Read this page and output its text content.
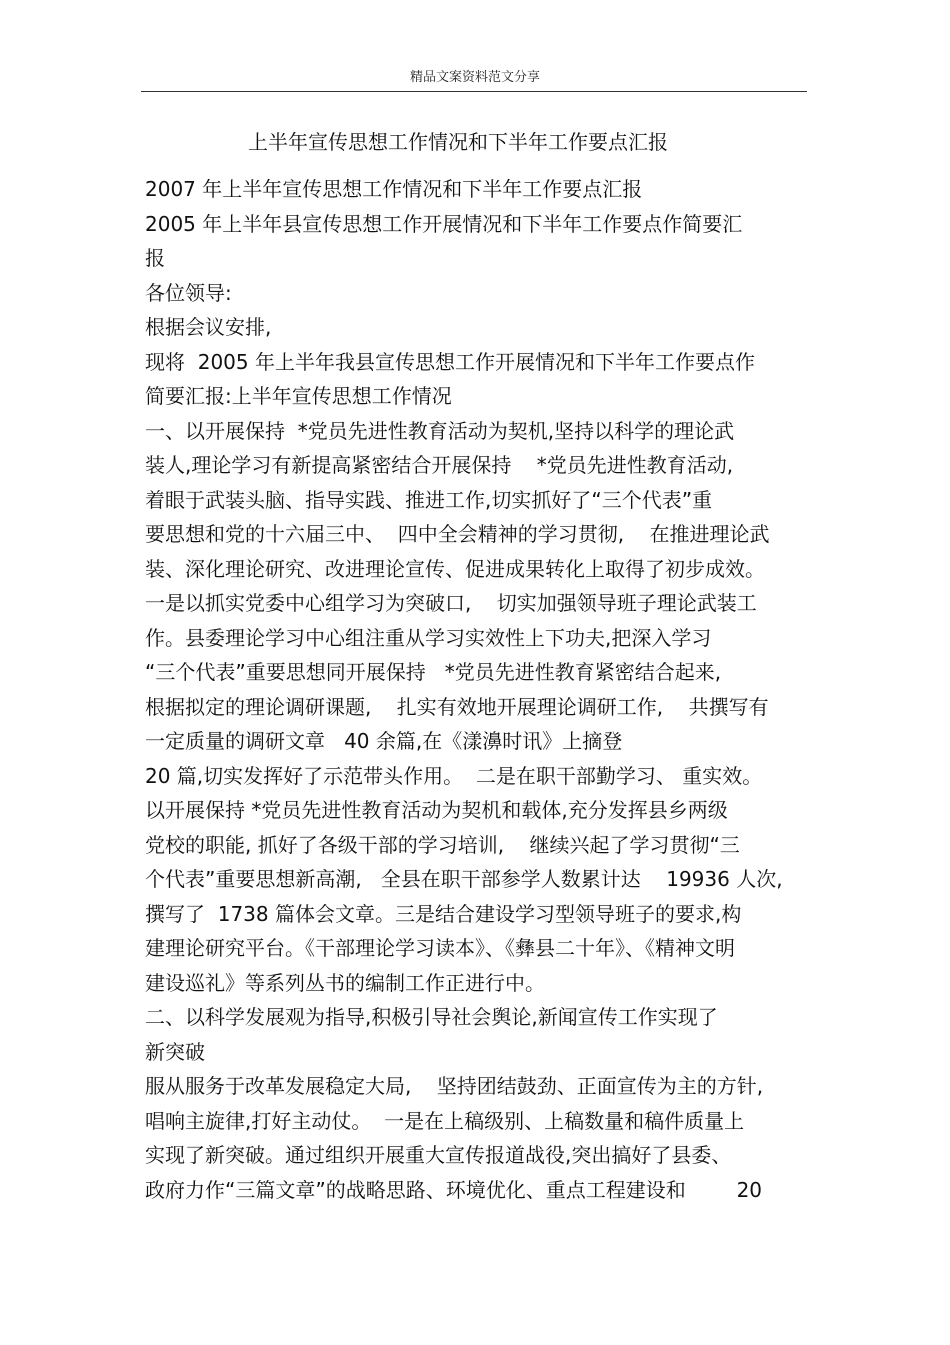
精品文案资料范文分享
上半年宣传思想工作情况和下半年工作要点汇报
2007 年上半年宣传思想工作情况和下半年工作要点汇报
2005 年上半年县宣传思想工作开展情况和下半年工作要点作简要汇
报
各位领导:
根据会议安排,
现将  2005 年上半年我县宣传思想工作开展情况和下半年工作要点作
简要汇报:上半年宣传思想工作情况
一、以开展保持  *党员先进性教育活动为契机,坚持以科学的理论武
装人,理论学习有新提高紧密结合开展保持    *党员先进性教育活动,
着眼于武装头脑、指导实践、推进工作,切实抓好了“三个代表”重
要思想和党的十六届三中、  四中全会精神的学习贯彻,    在推进理论武
装、深化理论研究、改进理论宣传、促进成果转化上取得了初步成效。
一是以抓实党委中心组学习为突破口,    切实加强领导班子理论武装工
作。县委理论学习中心组注重从学习实效性上下功夫,把深入学习
“三个代表”重要思想同开展保持   *党员先进性教育紧密结合起来,
根据拟定的理论调研课题,    扎实有效地开展理论调研工作,    共撰写有
一定质量的调研文章   40 余篇,在《漾濞时讯》上摘登
20 篇,切实发挥好了示范带头作用。  二是在职干部勤学习、 重实效。
以开展保持 *党员先进性教育活动为契机和载体,充分发挥县乡两级
党校的职能, 抓好了各级干部的学习培训,    继续兴起了学习贯彻“三
个代表”重要思想新高潮,   全县在职干部参学人数累计达    19936 人次,
撰写了  1738 篇体会文章。三是结合建设学习型领导班子的要求,构
建理论研究平台。《干部理论学习读本》、《彝县二十年》、《精神文明
建设巡礼》等系列丛书的编制工作正进行中。
二、以科学发展观为指导,积极引导社会舆论,新闻宣传工作实现了
新突破
服从服务于改革发展稳定大局,    坚持团结鼓劲、正面宣传为主的方针,
唱响主旋律,打好主动仗。  一是在上稿级别、上稿数量和稿件质量上
实现了新突破。通过组织开展重大宣传报道战役,突出搞好了县委、
政府力作“三篇文章”的战略思路、环境优化、重点工程建设和        20
